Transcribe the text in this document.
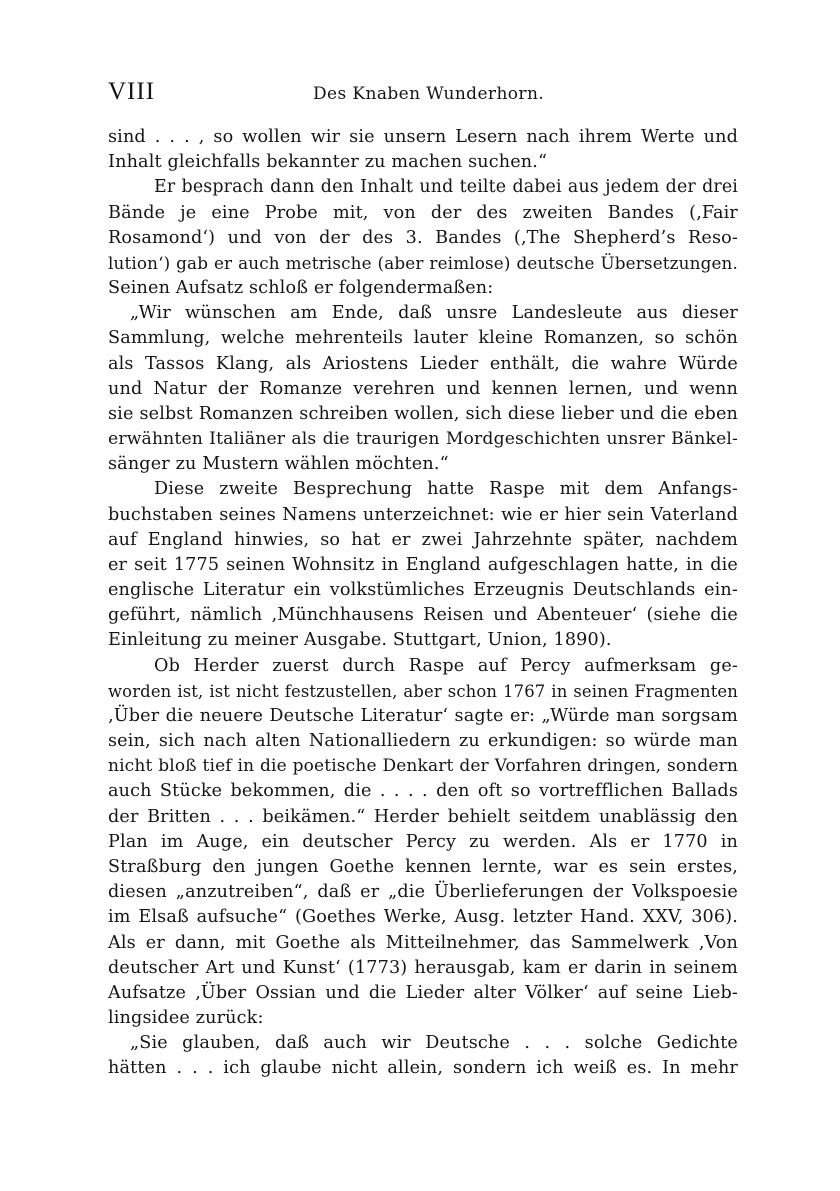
VIII	Des Knaben Wunderhorn.
sind . . . , so wollen wir sie unsern Lesern nach ihrem Werte und
Inhalt gleichfalls bekannter zu machen suchen.“
Er besprach dann den Inhalt und teilte dabei aus jedem der drei
Bände je eine Probe mit, von der des zweiten Bandes (‚Fair
Rosamond‘) und von der des 3. Bandes (‚The Shepherd’s Reso-
lution‘) gab er auch metrische (aber reimlose) deutsche Übersetzungen.
Seinen Aufsatz schloß er folgendermaßen:
„Wir wünschen am Ende, daß unsre Landesleute aus dieser
Sammlung, welche mehrenteils lauter kleine Romanzen, so schön
als Tassos Klang, als Ariostens Lieder enthält, die wahre Würde
und Natur der Romanze verehren und kennen lernen, und wenn
sie selbst Romanzen schreiben wollen, sich diese lieber und die eben
erwähnten Italiäner als die traurigen Mordgeschichten unsrer Bänkel-
sänger zu Mustern wählen möchten.“
Diese zweite Besprechung hatte Raspe mit dem Anfangs-
buchstaben seines Namens unterzeichnet: wie er hier sein Vaterland
auf England hinwies, so hat er zwei Jahrzehnte später, nachdem
er seit 1775 seinen Wohnsitz in England aufgeschlagen hatte, in die
englische Literatur ein volkstümliches Erzeugnis Deutschlands ein-
geführt, nämlich ‚Münchhausens Reisen und Abenteuer‘ (siehe die
Einleitung zu meiner Ausgabe. Stuttgart, Union, 1890).
Ob Herder zuerst durch Raspe auf Percy aufmerksam ge-
worden ist, ist nicht festzustellen, aber schon 1767 in seinen Fragmenten
‚Über die neuere Deutsche Literatur‘ sagte er: „Würde man sorgsam
sein, sich nach alten Nationalliedern zu erkundigen: so würde man
nicht bloß tief in die poetische Denkart der Vorfahren dringen, sondern
auch Stücke bekommen, die . . . . den oft so vortrefflichen Ballads
der Britten . . . beikämen.“ Herder behielt seitdem unablässig den
Plan im Auge, ein deutscher Percy zu werden. Als er 1770 in
Straßburg den jungen Goethe kennen lernte, war es sein erstes,
diesen „anzutreiben“, daß er „die Überlieferungen der Volkspoesie
im Elsaß aufsuche“ (Goethes Werke, Ausg. letzter Hand. XXV, 306).
Als er dann, mit Goethe als Mitteilnehmer, das Sammelwerk ‚Von
deutscher Art und Kunst‘ (1773) herausgab, kam er darin in seinem
Aufsatze ‚Über Ossian und die Lieder alter Völker‘ auf seine Lieb-
lingsidee zurück:
„Sie glauben, daß auch wir Deutsche . . . solche Gedichte
hätten . . . ich glaube nicht allein, sondern ich weiß es. In mehr
